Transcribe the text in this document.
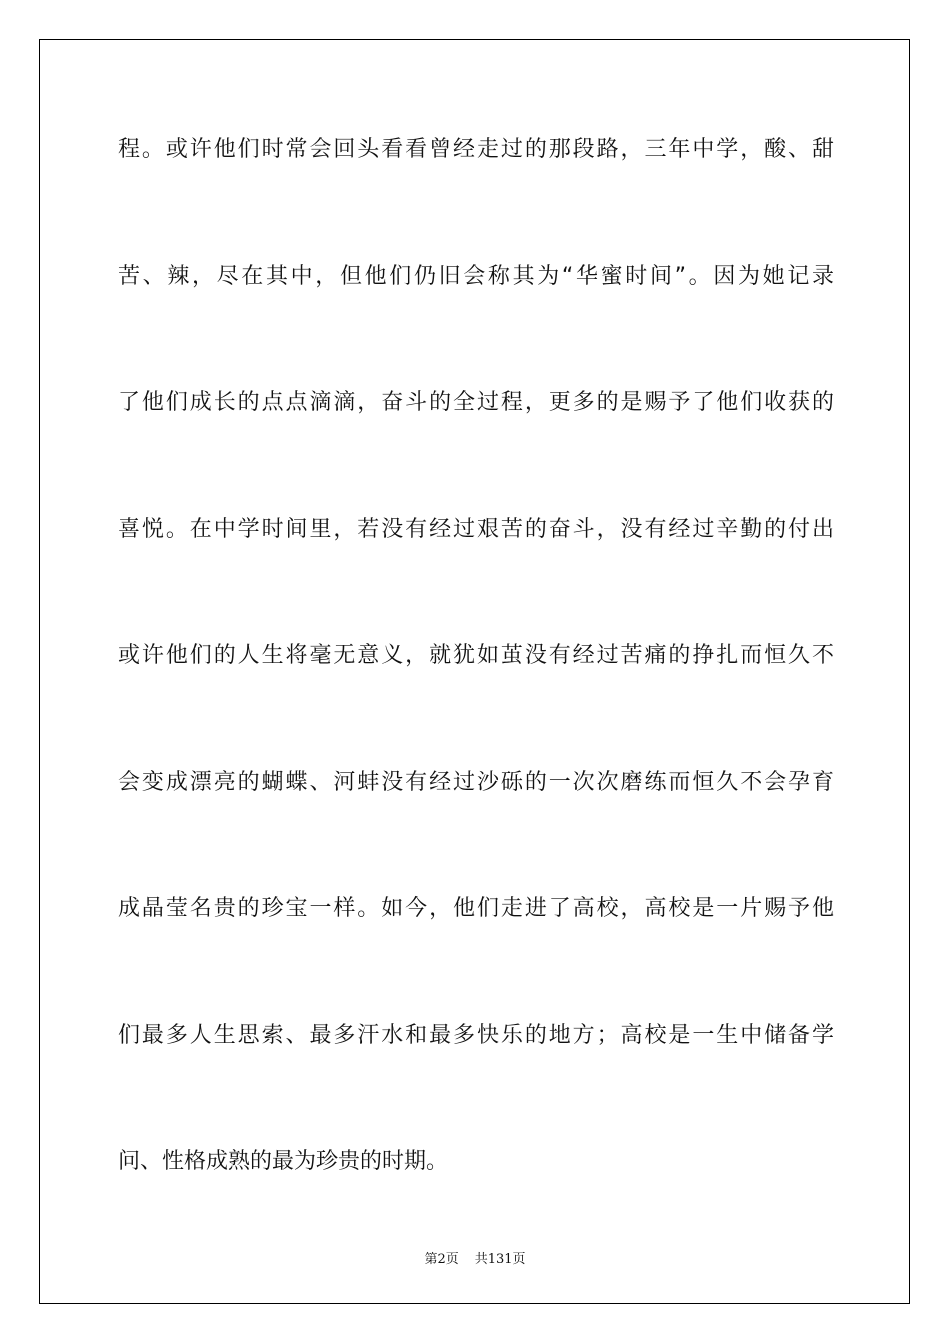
程。或许他们时常会回头看看曾经走过的那段路，三年中学，酸、甜
苦、辣，尽在其中，但他们仍旧会称其为“华蜜时间”。因为她记录
了他们成长的点点滴滴，奋斗的全过程，更多的是赐予了他们收获的
喜悦。在中学时间里，若没有经过艰苦的奋斗，没有经过辛勤的付出
或许他们的人生将毫无意义，就犹如茧没有经过苦痛的挣扎而恒久不
会变成漂亮的蝴蝶、河蚌没有经过沙砾的一次次磨练而恒久不会孕育
成晶莹名贵的珍宝一样。如今，他们走进了高校，高校是一片赐予他
们最多人生思索、最多汗水和最多快乐的地方；高校是一生中储备学
问、性格成熟的最为珍贵的时期。
第2页 共131页
